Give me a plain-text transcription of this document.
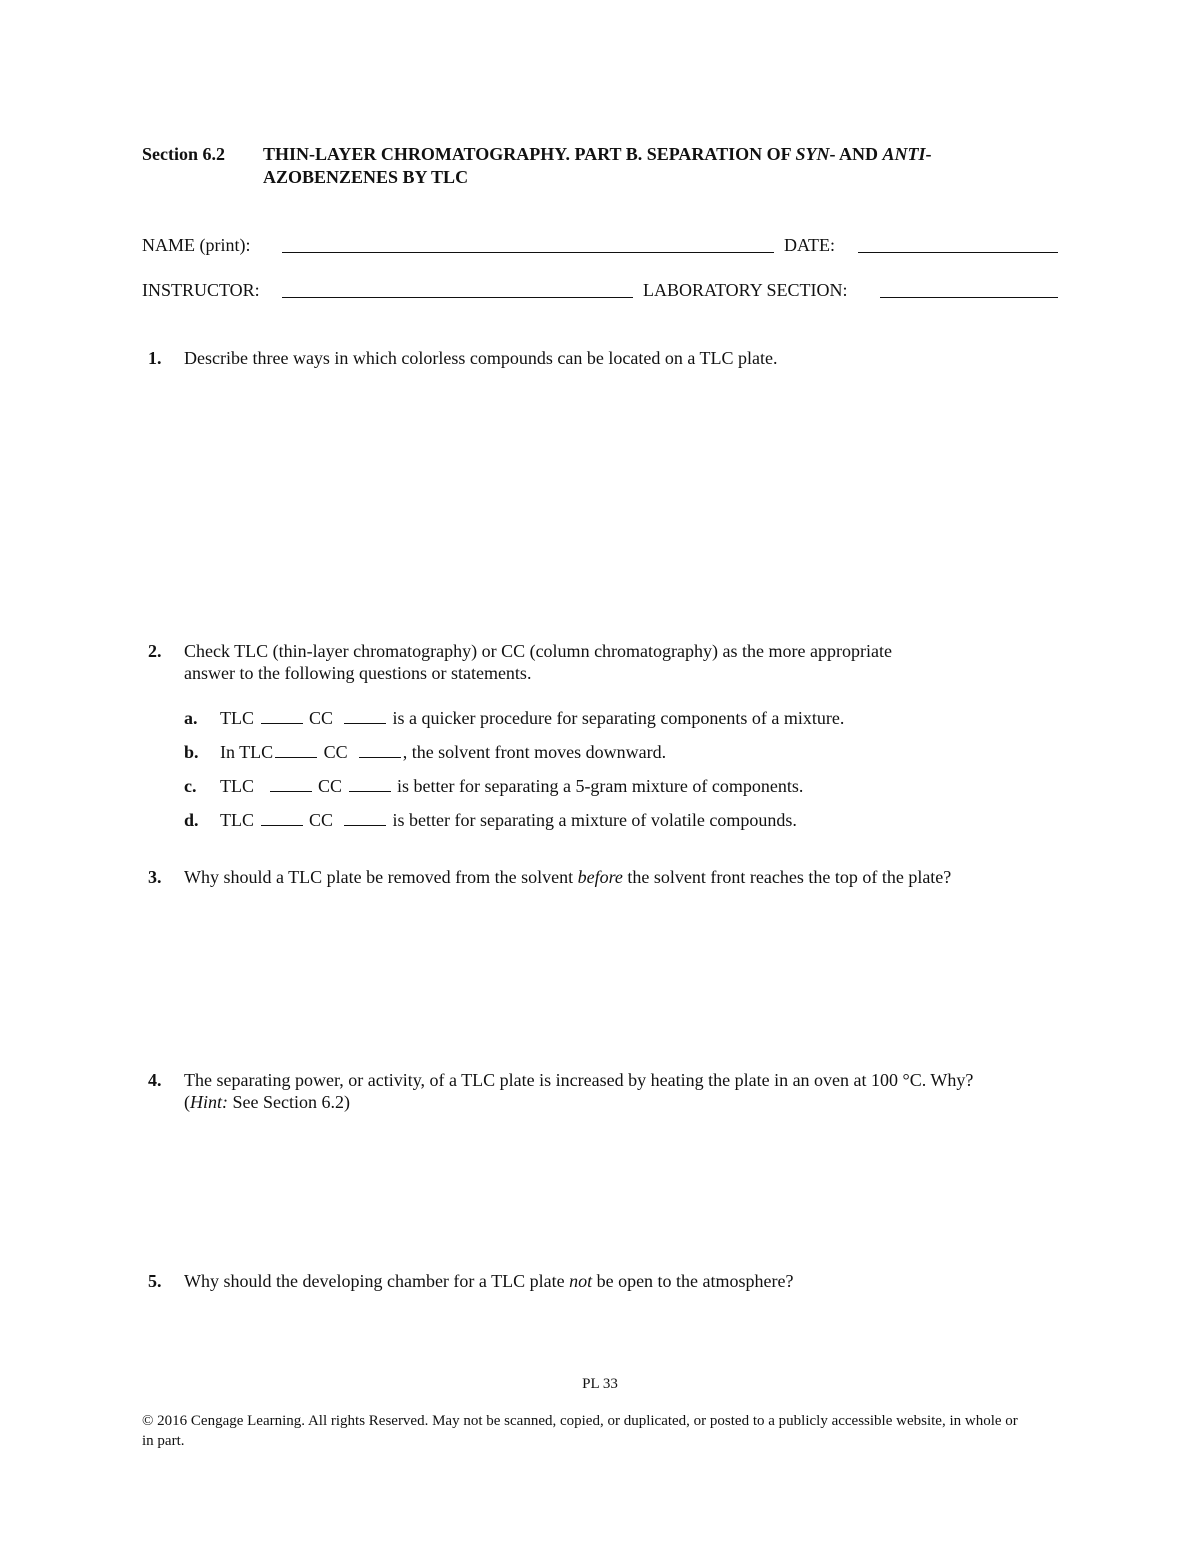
Section 6.2 THIN-LAYER CHROMATOGRAPHY. PART B. SEPARATION OF SYN- AND ANTI-
AZOBENZENES BY TLC
NAME (print):	DATE:
INSTRUCTOR:	LABORATORY SECTION:
1. Describe three ways in which colorless compounds can be located on a TLC plate.
2. Check TLC (thin-layer chromatography) or CC (column chromatography) as the more appropriate
answer to the following questions or statements.
a. TLC	CC	is a quicker procedure for separating components of a mixture.
b. In TLC	CC	, the solvent front moves downward.
c. TLC	CC	is better for separating a 5-gram mixture of components.
d. TLC	CC	is better for separating a mixture of volatile compounds.
3. Why should a TLC plate be removed from the solvent before the solvent front reaches the top of the plate?
4. The separating power, or activity, of a TLC plate is increased by heating the plate in an oven at 100 °C. Why?
(Hint: See Section 6.2)
5. Why should the developing chamber for a TLC plate not be open to the atmosphere?
PL 33
© 2016 Cengage Learning. All rights Reserved. May not be scanned, copied, or duplicated, or posted to a publicly accessible website, in whole or
in part.
